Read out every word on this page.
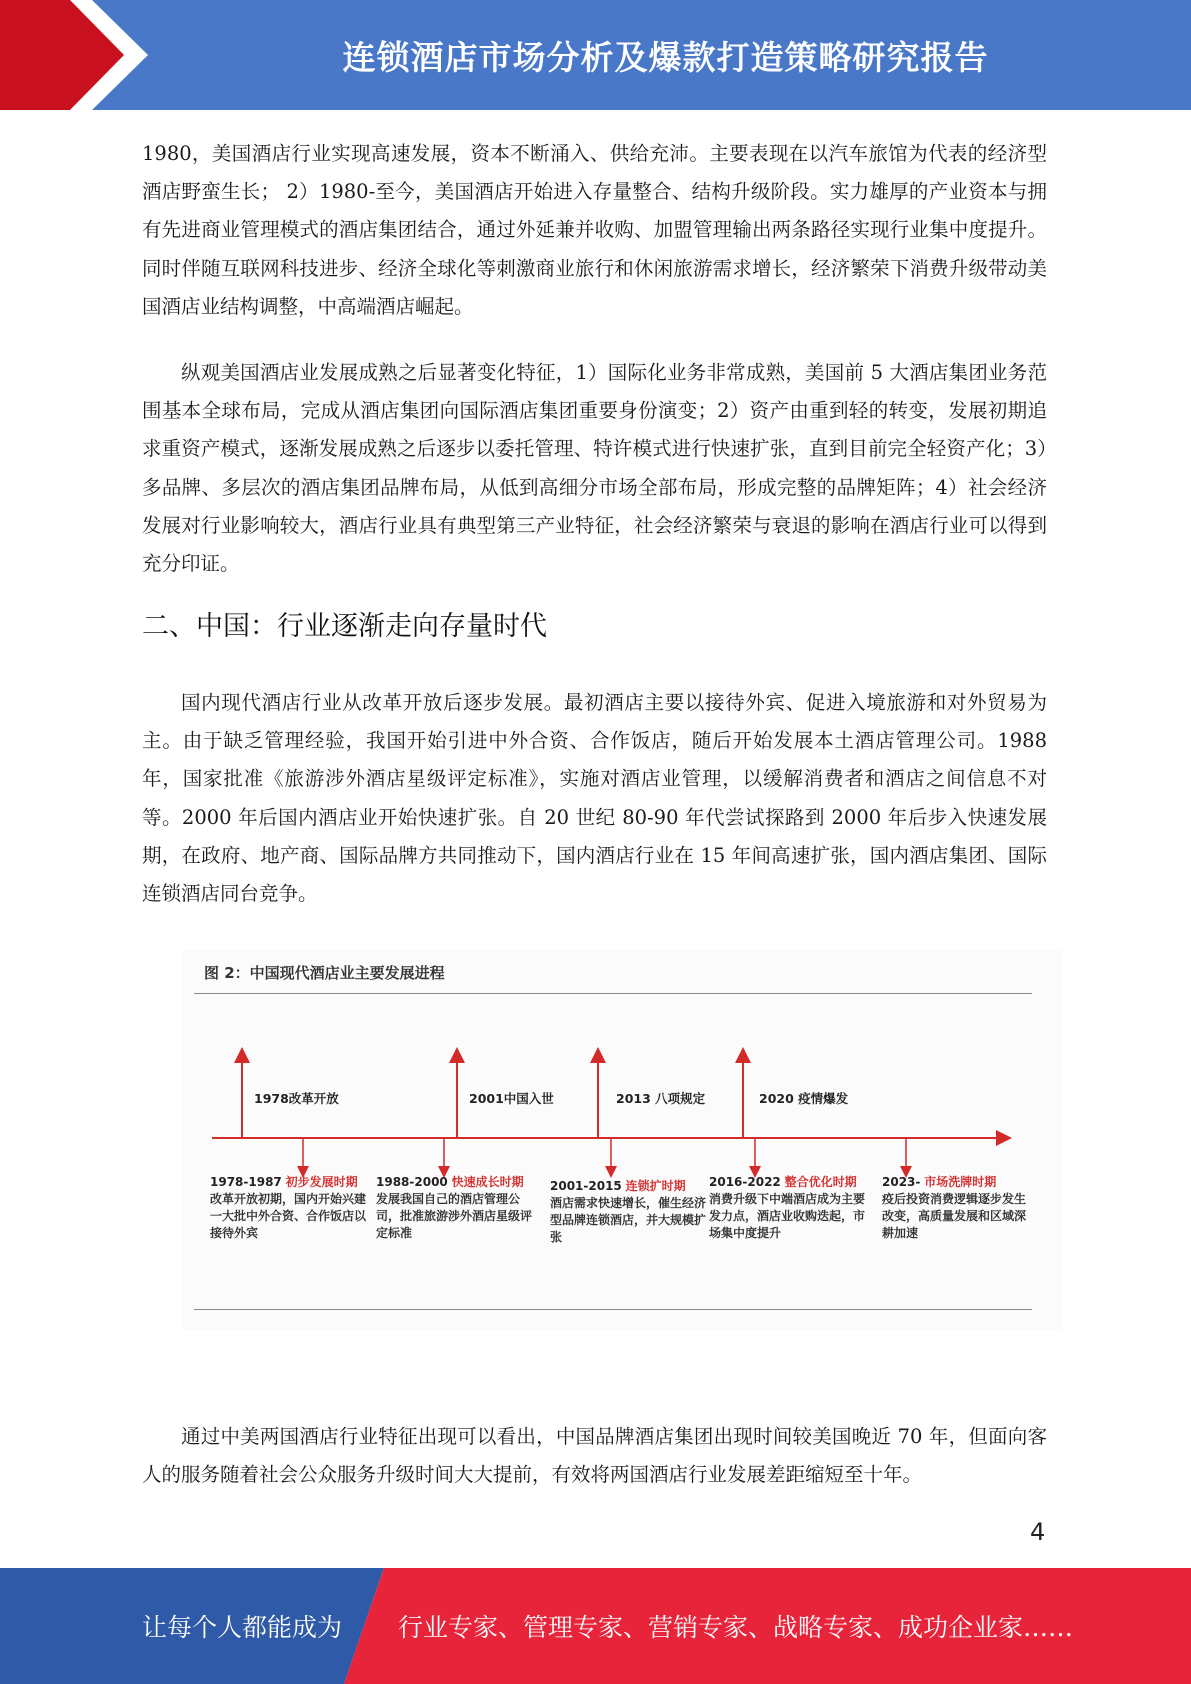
连锁酒店市场分析及爆款打造策略研究报告

1980，美国酒店行业实现高速发展，资本不断涌入、供给充沛。主要表现在以汽车旅馆为代表的经济型酒店野蛮生长； 2）1980-至今，美国酒店开始进入存量整合、结构升级阶段。实力雄厚的产业资本与拥有先进商业管理模式的酒店集团结合，通过外延兼并收购、加盟管理输出两条路径实现行业集中度提升。同时伴随互联网科技进步、经济全球化等刺激商业旅行和休闲旅游需求增长，经济繁荣下消费升级带动美国酒店业结构调整，中高端酒店崛起。

纵观美国酒店业发展成熟之后显著变化特征，1）国际化业务非常成熟，美国前 5 大酒店集团业务范围基本全球布局，完成从酒店集团向国际酒店集团重要身份演变；2）资产由重到轻的转变，发展初期追求重资产模式，逐渐发展成熟之后逐步以委托管理、特许模式进行快速扩张，直到目前完全轻资产化；3）多品牌、多层次的酒店集团品牌布局，从低到高细分市场全部布局，形成完整的品牌矩阵；4）社会经济发展对行业影响较大，酒店行业具有典型第三产业特征，社会经济繁荣与衰退的影响在酒店行业可以得到充分印证。

二、中国：行业逐渐走向存量时代

国内现代酒店行业从改革开放后逐步发展。最初酒店主要以接待外宾、促进入境旅游和对外贸易为主。由于缺乏管理经验，我国开始引进中外合资、合作饭店，随后开始发展本土酒店管理公司。1988 年，国家批准《旅游涉外酒店星级评定标准》，实施对酒店业管理，以缓解消费者和酒店之间信息不对等。2000 年后国内酒店业开始快速扩张。自 20 世纪 80-90 年代尝试探路到 2000 年后步入快速发展期，在政府、地产商、国际品牌方共同推动下，国内酒店行业在 15 年间高速扩张，国内酒店集团、国际连锁酒店同台竞争。

图 2：中国现代酒店业主要发展进程
1978改革开放	2001中国入世	2013 八项规定	2020 疫情爆发
1978-1987 初步发展时期
改革开放初期，国内开始兴建一大批中外合资、合作饭店以接待外宾
1988-2000 快速成长时期
发展我国自己的酒店管理公司，批准旅游涉外酒店星级评定标准
2001-2015 连锁扩时期
酒店需求快速增长，催生经济型品牌连锁酒店，并大规模扩张
2016-2022 整合优化时期
消费升级下中端酒店成为主要发力点，酒店业收购迭起，市场集中度提升
2023- 市场洗牌时期
疫后投资消费逻辑逐步发生改变，高质量发展和区域深耕加速

通过中美两国酒店行业特征出现可以看出，中国品牌酒店集团出现时间较美国晚近 70 年，但面向客人的服务随着社会公众服务升级时间大大提前，有效将两国酒店行业发展差距缩短至十年。

4
让每个人都能成为 行业专家、管理专家、营销专家、战略专家、成功企业家……
